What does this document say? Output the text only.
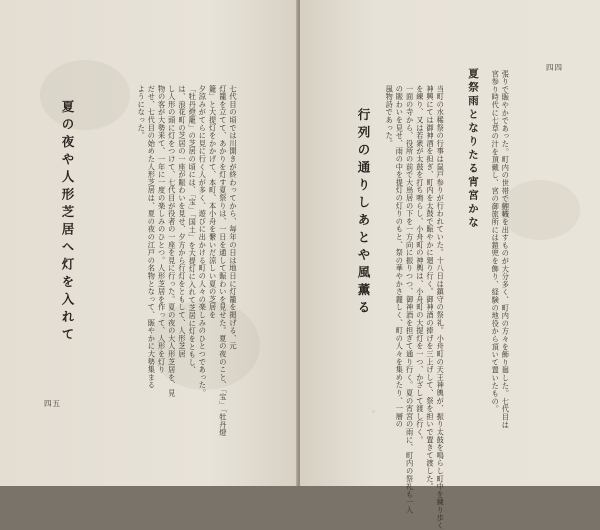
七代目の頃では川開きが終わってから、毎年の日は地日に灯籠を掲げる、元

灯籠を立てて、あかりを灯す夏祭りは、一日を通して賑わいを見せた。夏の夜のこと、「宝」「牡丹燈

籠」と大提灯をかかげて、本町、本小舟を繋いだ涼しい夏の芝居を

夕涼みがてらに見に行く人が多く、遊びに出かける町の人々の楽しみのひとつであった。

「牡丹燈籠」の芝居の頃には、「宝」「国土」を大提灯に入れて芝居に灯をともし、

は、浪花町の芝居の一座が賑わいを見せ、夕方から行灯をともして、人形芝居

し人形の頭に灯をつけて、七代目が役者の一座を見に行った。夏の夜の大人形芝居を、見

物の客が大勢来て、一年に一度の楽しみのひとつ。人形芝居を作って、人形を灯り

だせ、七代目の始めた人形芝居は、夏の夜の江戸の名物となって、賑やかに大勢集まる

ようになった。

夏の夜や人形芝居へ灯を入れて
四五
四四

張りで賑やかであった。町内の世帯で鯉幟を出すものが大分多く、町内の方々を飾り廻した。七代目は

宮参り時代に七草の汁を頂戴し、宮の御旅所には鎧兜を飾り、経験の地役から頂いて置いたもの。

夏祭雨となりたる宵宮かな

当町の水稀祭の行事は鼠戸参りが行われていた。十八日は鎮守の祭礼。小舟町の天王神輿が、振り太鼓を鳴らし町中を練り歩く

神興にては御神酒を担ぎ、町内を太鼓で賑やかに廻り行く。御神酒の捧げを三上げして、祭を担いで置きて渡した。

を練り、又は若衆が太鼓を打ち鳴らし、小舟町の神輿は、小舟町の大提灯を一つ、かざして渡し行く。

一面の寺から、役所の前で大鳥居の下を一方向に振りつつ、御神酒を担ぎて通り行く。夏の宵宮の雨に、町内の祭礼も一入

の賑わいを見せ、雨の中を提灯の灯りのもと、祭の華やかさ麗しく、町の人々を集めたり、一層の

風物詩であった。

行列の通りしあとや風薫る
